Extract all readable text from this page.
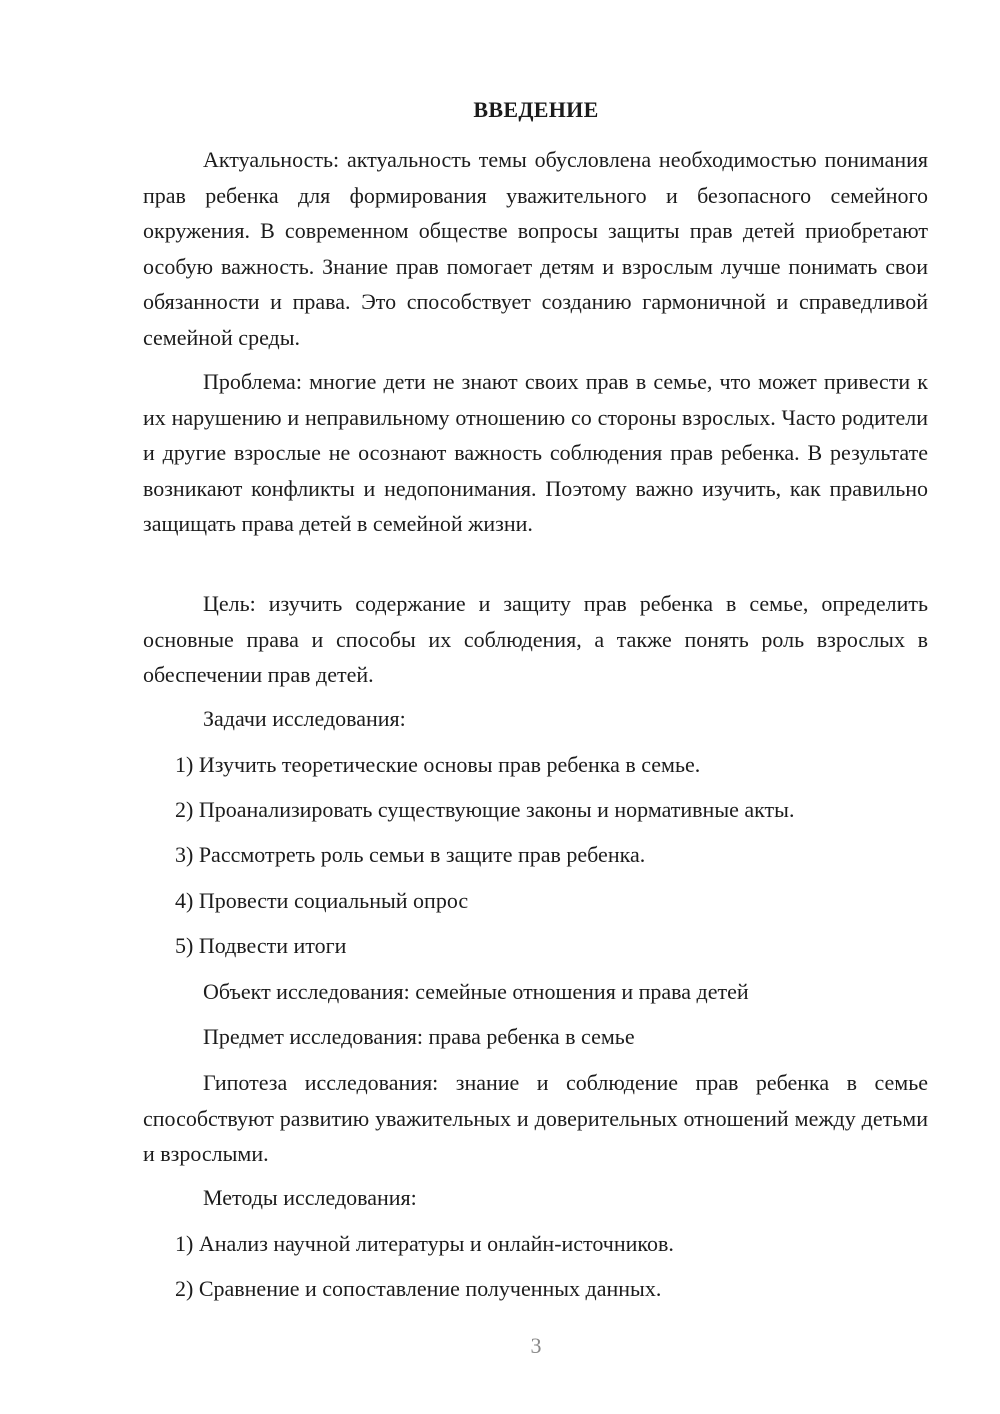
ВВЕДЕНИЕ

Актуальность: актуальность темы обусловлена необходимостью понимания прав ребенка для формирования уважительного и безопасного семейного окружения. В современном обществе вопросы защиты прав детей приобретают особую важность. Знание прав помогает детям и взрослым лучше понимать свои обязанности и права. Это способствует созданию гармоничной и справедливой семейной среды.

Проблема: многие дети не знают своих прав в семье, что может привести к их нарушению и неправильному отношению со стороны взрослых. Часто родители и другие взрослые не осознают важность соблюдения прав ребенка. В результате возникают конфликты и недопонимания. Поэтому важно изучить, как правильно защищать права детей в семейной жизни.

Цель: изучить содержание и защиту прав ребенка в семье, определить основные права и способы их соблюдения, а также понять роль взрослых в обеспечении прав детей.

Задачи исследования:

1) Изучить теоретические основы прав ребенка в семье.

2) Проанализировать существующие законы и нормативные акты.

3) Рассмотреть роль семьи в защите прав ребенка.

4) Провести социальный опрос

5) Подвести итоги

Объект исследования: семейные отношения и права детей

Предмет исследования: права ребенка в семье

Гипотеза исследования: знание и соблюдение прав ребенка в семье способствуют развитию уважительных и доверительных отношений между детьми и взрослыми.

Методы исследования:

1) Анализ научной литературы и онлайн-источников.

2) Сравнение и сопоставление полученных данных.

3
